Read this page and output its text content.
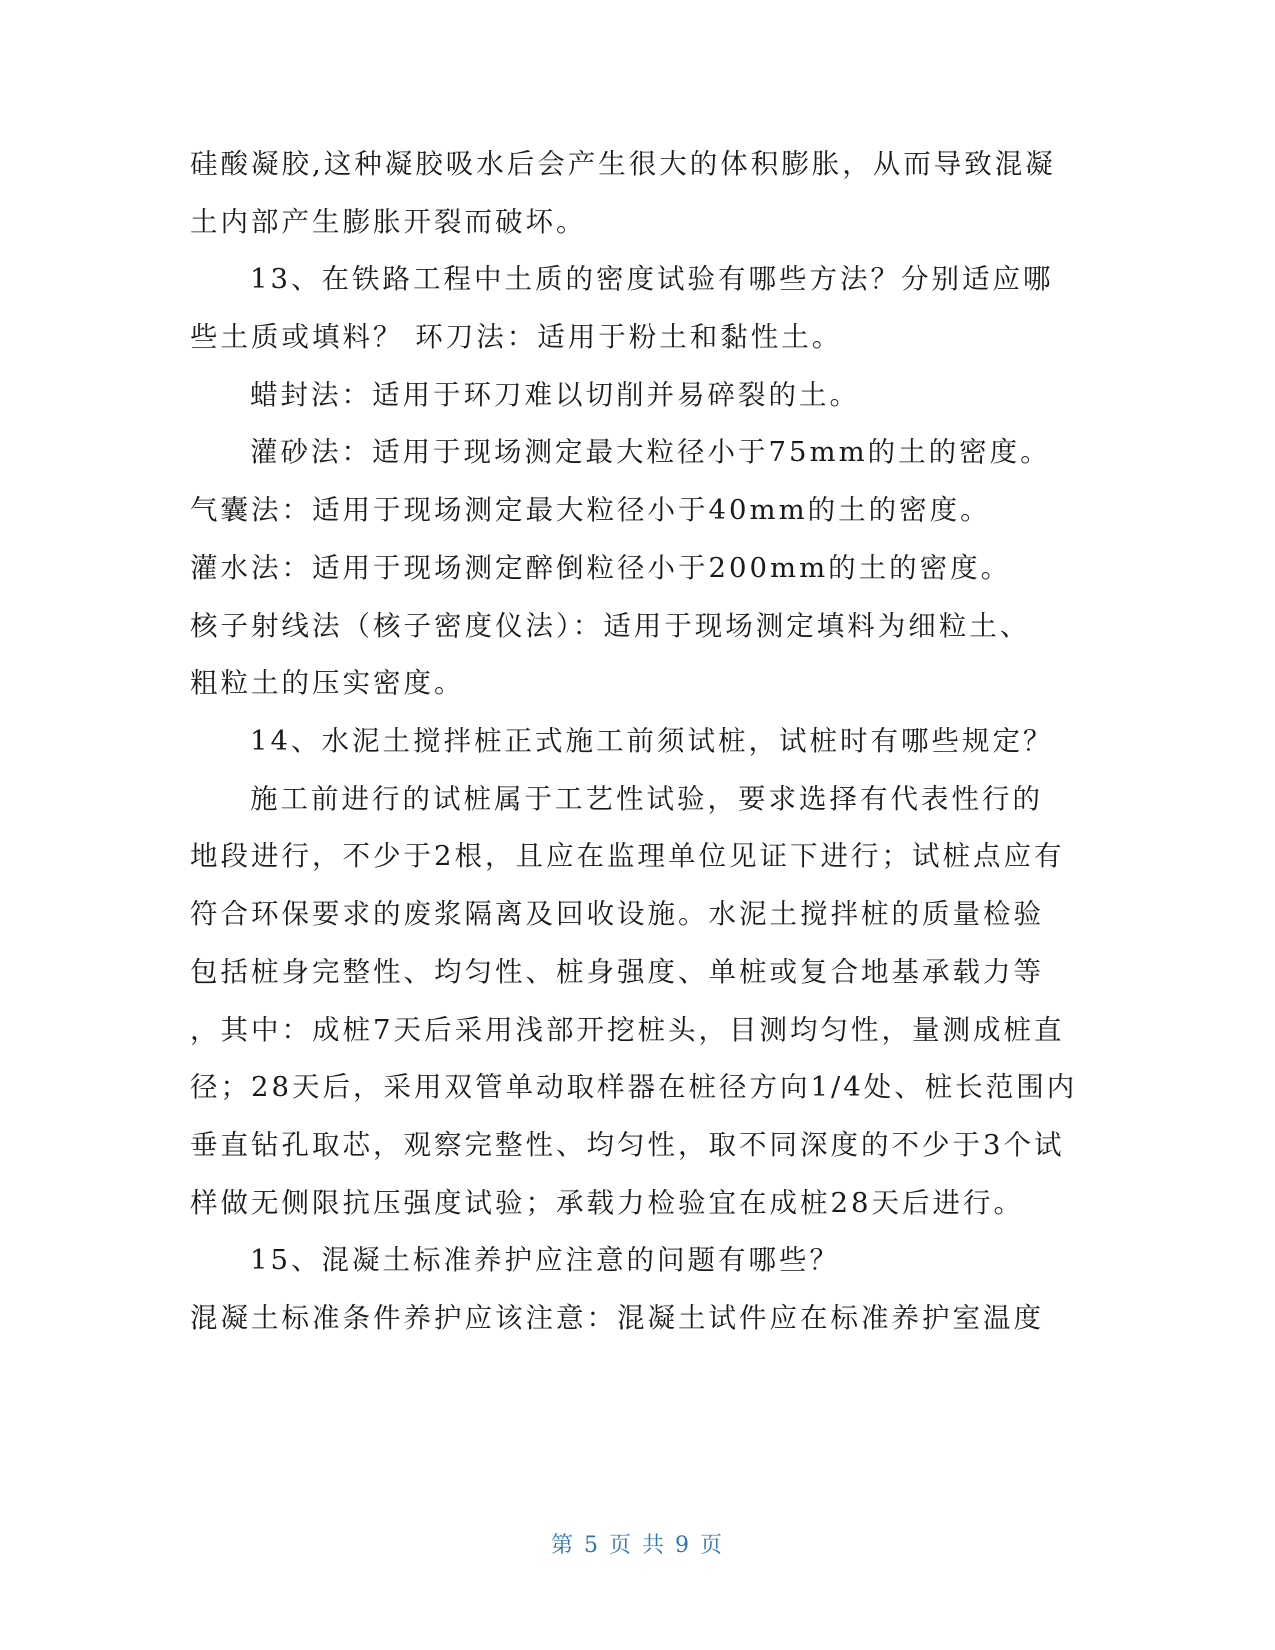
硅酸凝胶,这种凝胶吸水后会产生很大的体积膨胀，从而导致混凝
土内部产生膨胀开裂而破坏。
13、在铁路工程中土质的密度试验有哪些方法？分别适应哪
些土质或填料？ 环刀法：适用于粉土和黏性土。
蜡封法：适用于环刀难以切削并易碎裂的土。
灌砂法：适用于现场测定最大粒径小于75mm的土的密度。
气囊法：适用于现场测定最大粒径小于40mm的土的密度。
灌水法：适用于现场测定醉倒粒径小于200mm的土的密度。
核子射线法（核子密度仪法）：适用于现场测定填料为细粒土、
粗粒土的压实密度。
14、水泥土搅拌桩正式施工前须试桩，试桩时有哪些规定？
施工前进行的试桩属于工艺性试验，要求选择有代表性行的
地段进行，不少于2根，且应在监理单位见证下进行；试桩点应有
符合环保要求的废浆隔离及回收设施。水泥土搅拌桩的质量检验
包括桩身完整性、均匀性、桩身强度、单桩或复合地基承载力等
，其中：成桩7天后采用浅部开挖桩头，目测均匀性，量测成桩直
径；28天后，采用双管单动取样器在桩径方向1/4处、桩长范围内
垂直钻孔取芯，观察完整性、均匀性，取不同深度的不少于3个试
样做无侧限抗压强度试验；承载力检验宜在成桩28天后进行。
15、混凝土标准养护应注意的问题有哪些？
混凝土标准条件养护应该注意：混凝土试件应在标准养护室温度
第 5 页 共 9 页
